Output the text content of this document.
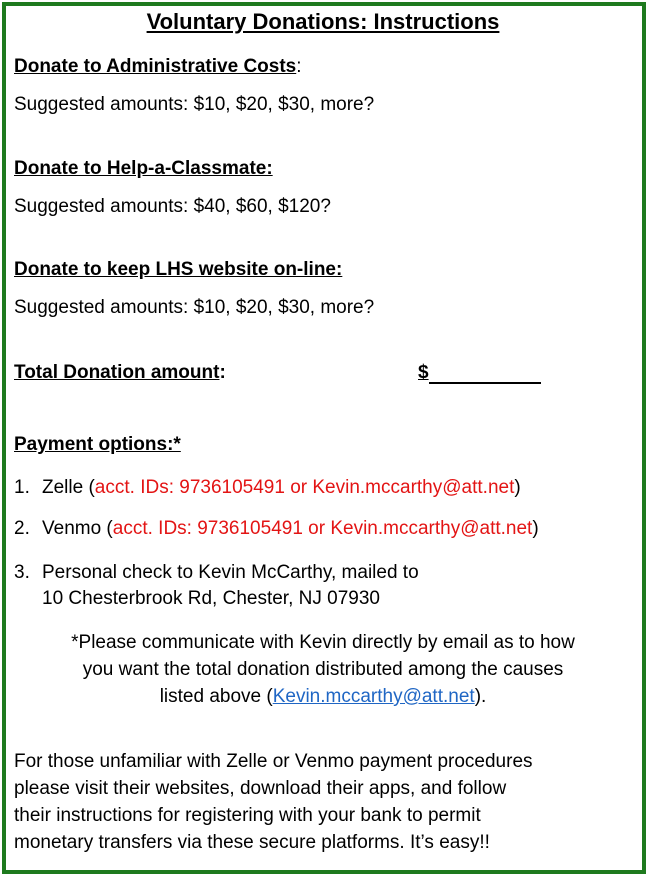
Voluntary Donations: Instructions
Donate to Administrative Costs:
Suggested amounts: $10, $20, $30, more?
Donate to Help-a-Classmate:
Suggested amounts: $40, $60, $120?
Donate to keep LHS website on-line:
Suggested amounts: $10, $20, $30, more?
Total Donation amount:	$
Payment options:*
1. Zelle (acct. IDs: 9736105491 or Kevin.mccarthy@att.net)
2. Venmo (acct. IDs: 9736105491 or Kevin.mccarthy@att.net)
3. Personal check to Kevin McCarthy, mailed to
10 Chesterbrook Rd, Chester, NJ 07930
*Please communicate with Kevin directly by email as to how
you want the total donation distributed among the causes
listed above (Kevin.mccarthy@att.net).
For those unfamiliar with Zelle or Venmo payment procedures
please visit their websites, download their apps, and follow
their instructions for registering with your bank to permit
monetary transfers via these secure platforms. It’s easy!!
